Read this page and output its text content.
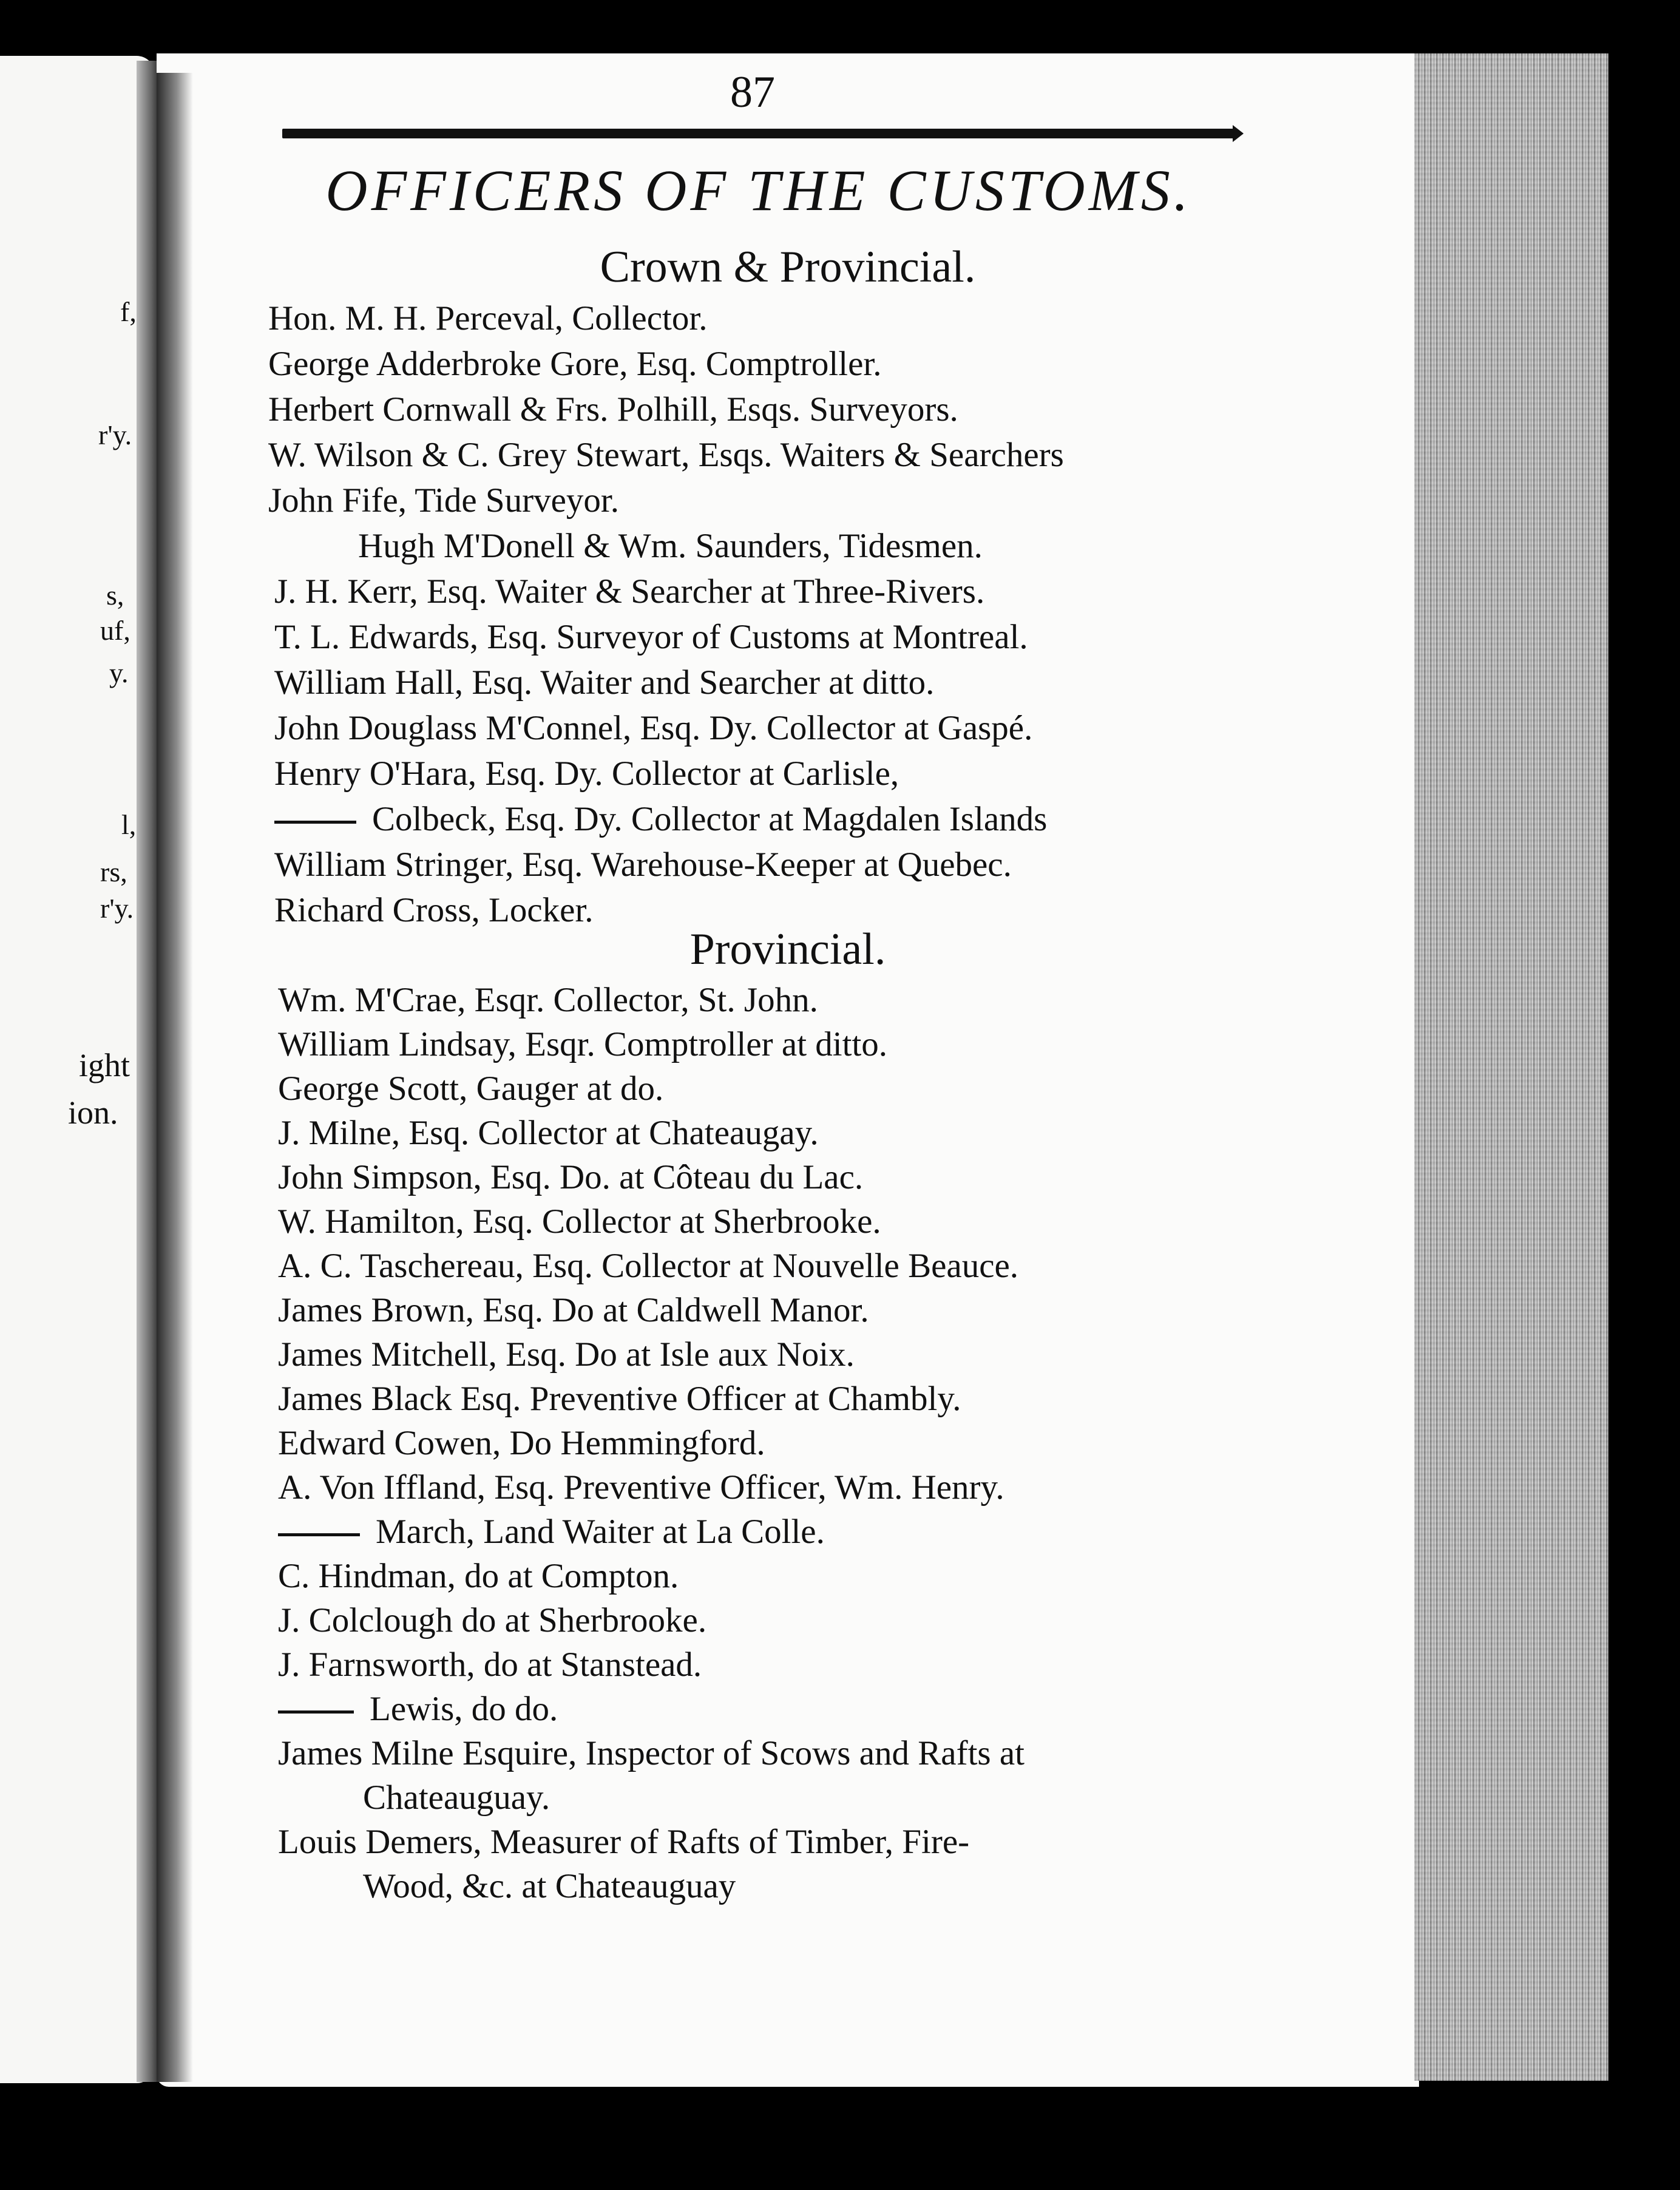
f,
r'y.
s,
uf,
y.
l,
rs,
r'y.
ight
ion.
87
OFFICERS OF THE CUSTOMS.
Crown & Provincial.
Hon. M. H. Perceval, Collector.
George Adderbroke Gore, Esq. Comptroller.
Herbert Cornwall & Frs. Polhill, Esqs. Surveyors.
W. Wilson & C. Grey Stewart, Esqs. Waiters & Searchers
John Fife, Tide Surveyor.
Hugh M'Donell & Wm. Saunders, Tidesmen.
J. H. Kerr, Esq. Waiter & Searcher at Three-Rivers.
T. L. Edwards, Esq. Surveyor of Customs at Montreal.
William Hall, Esq. Waiter and Searcher at ditto.
John Douglass M'Connel, Esq. Dy. Collector at Gaspé.
Henry O'Hara, Esq. Dy. Collector at Carlisle,
Colbeck, Esq. Dy. Collector at Magdalen Islands
William Stringer, Esq. Warehouse-Keeper at Quebec.
Richard Cross, Locker.
Provincial.
Wm. M'Crae, Esqr. Collector, St. John.
William Lindsay, Esqr. Comptroller at ditto.
George Scott, Gauger at do.
J. Milne, Esq. Collector at Chateaugay.
John Simpson, Esq. Do. at Côteau du Lac.
W. Hamilton, Esq. Collector at Sherbrooke.
A. C. Taschereau, Esq. Collector at Nouvelle Beauce.
James Brown, Esq. Do at Caldwell Manor.
James Mitchell, Esq. Do at Isle aux Noix.
James Black Esq. Preventive Officer at Chambly.
Edward Cowen, Do Hemmingford.
A. Von Iffland, Esq. Preventive Officer, Wm. Henry.
March, Land Waiter at La Colle.
C. Hindman, do at Compton.
J. Colclough do at Sherbrooke.
J. Farnsworth, do at Stanstead.
Lewis, do do.
James Milne Esquire, Inspector of Scows and Rafts at
Chateauguay.
Louis Demers, Measurer of Rafts of Timber, Fire-
Wood, &c. at Chateauguay
